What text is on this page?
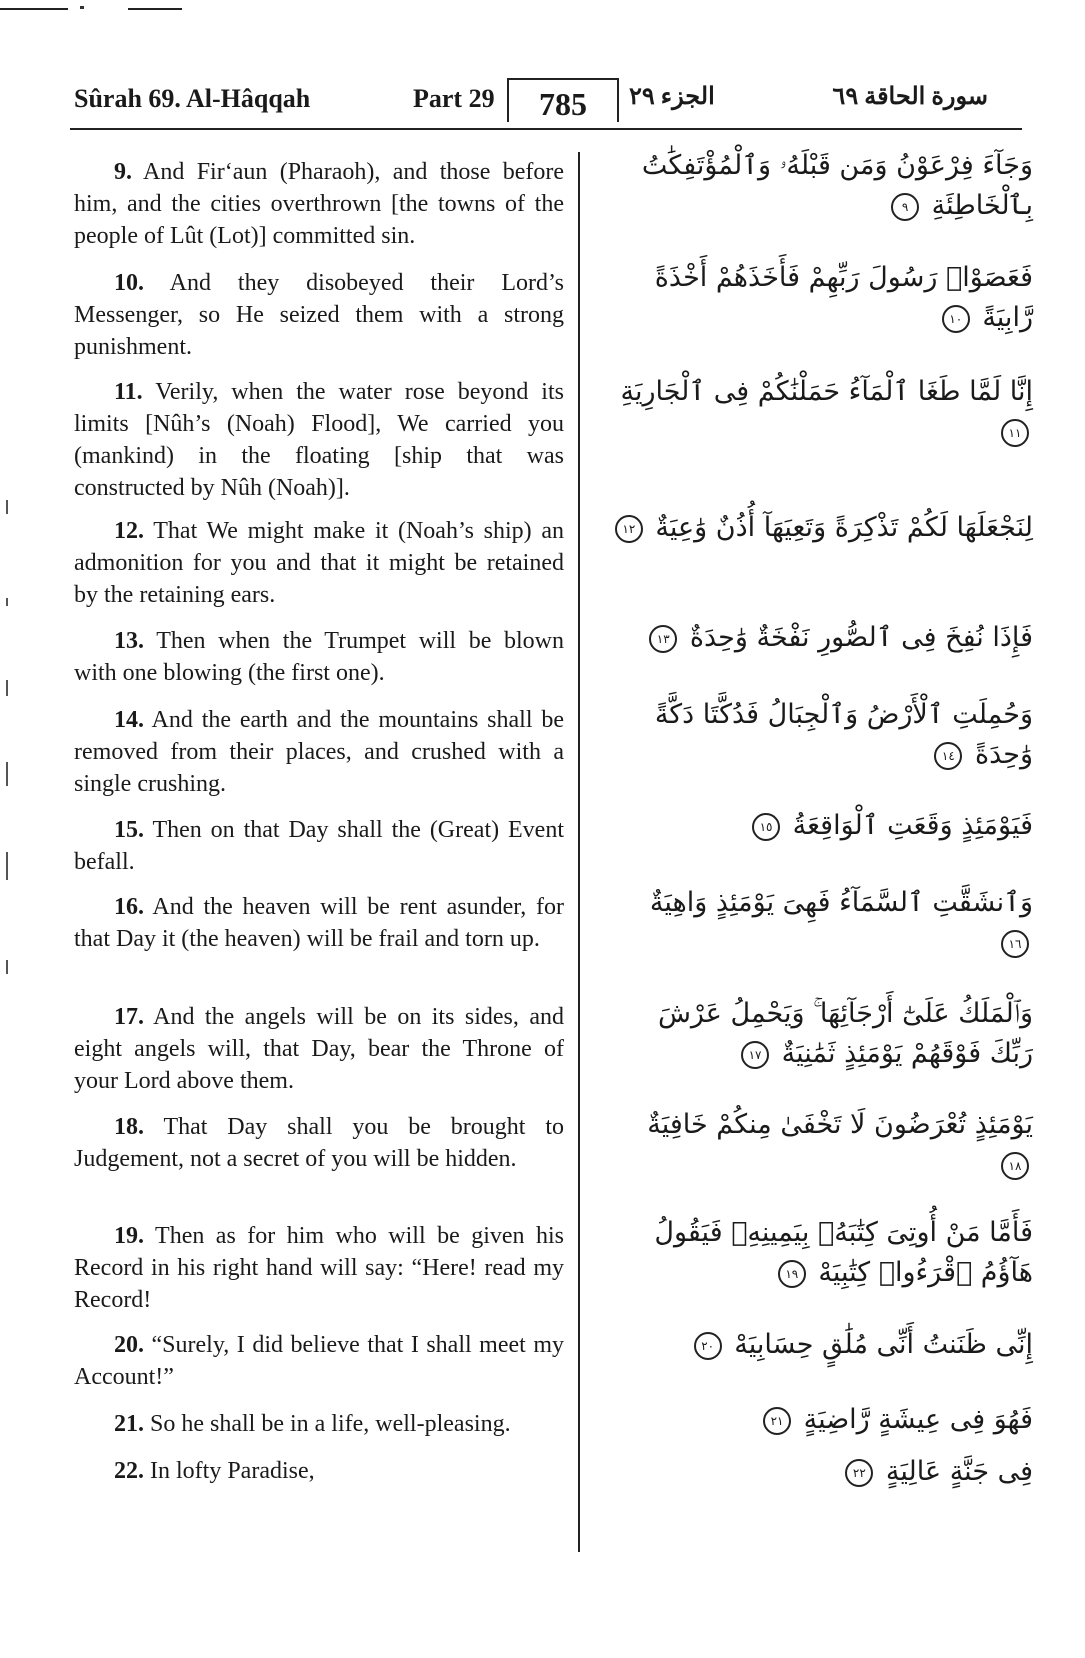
Sûrah 69. Al-Hâqqah	Part 29	785	الجزء ٢٩	سورة الحاقة ٦٩

9. And Fir‘aun (Pharaoh), and those before him, and the cities overthrown [the towns of the people of Lût (Lot)] committed sin.

وَجَآءَ فِرْعَوْنُ وَمَن قَبْلَهُۥ وَٱلْمُؤْتَفِكَٰتُ بِٱلْخَاطِئَةِ ٩

10. And they disobeyed their Lord’s Messenger, so He seized them with a strong punishment.

فَعَصَوْا۟ رَسُولَ رَبِّهِمْ فَأَخَذَهُمْ أَخْذَةً رَّابِيَةً ١٠

11. Verily, when the water rose beyond its limits [Nûh’s (Noah) Flood], We carried you (mankind) in the floating [ship that was constructed by Nûh (Noah)].

إِنَّا لَمَّا طَغَا ٱلْمَآءُ حَمَلْنَٰكُمْ فِى ٱلْجَارِيَةِ ١١

12. That We might make it (Noah’s ship) an admonition for you and that it might be retained by the retaining ears.

لِنَجْعَلَهَا لَكُمْ تَذْكِرَةً وَتَعِيَهَآ أُذُنٌ وَٰعِيَةٌ ١٢

13. Then when the Trumpet will be blown with one blowing (the first one).

فَإِذَا نُفِخَ فِى ٱلصُّورِ نَفْخَةٌ وَٰحِدَةٌ ١٣

14. And the earth and the mountains shall be removed from their places, and crushed with a single crushing.

وَحُمِلَتِ ٱلْأَرْضُ وَٱلْجِبَالُ فَدُكَّتَا دَكَّةً وَٰحِدَةً ١٤

15. Then on that Day shall the (Great) Event befall.

فَيَوْمَئِذٍ وَقَعَتِ ٱلْوَاقِعَةُ ١٥

16. And the heaven will be rent asunder, for that Day it (the heaven) will be frail and torn up.

وَٱنشَقَّتِ ٱلسَّمَآءُ فَهِىَ يَوْمَئِذٍ وَاهِيَةٌ ١٦

17. And the angels will be on its sides, and eight angels will, that Day, bear the Throne of your Lord above them.

وَٱلْمَلَكُ عَلَىٰٓ أَرْجَآئِهَا ۚ وَيَحْمِلُ عَرْشَ رَبِّكَ فَوْقَهُمْ يَوْمَئِذٍ ثَمَٰنِيَةٌ ١٧

18. That Day shall you be brought to Judgement, not a secret of you will be hidden.

يَوْمَئِذٍ تُعْرَضُونَ لَا تَخْفَىٰ مِنكُمْ خَافِيَةٌ ١٨

19. Then as for him who will be given his Record in his right hand will say: “Here! read my Record!

فَأَمَّا مَنْ أُوتِىَ كِتَٰبَهُۥ بِيَمِينِهِۦ فَيَقُولُ هَآؤُمُ ٱقْرَءُوا۟ كِتَٰبِيَهْ ١٩

20. “Surely, I did believe that I shall meet my Account!”

إِنِّى ظَنَنتُ أَنِّى مُلَٰقٍ حِسَابِيَهْ ٢٠

21. So he shall be in a life, well-pleasing.	فَهُوَ فِى عِيشَةٍ رَّاضِيَةٍ ٢١

22. In lofty Paradise,	فِى جَنَّةٍ عَالِيَةٍ ٢٢
